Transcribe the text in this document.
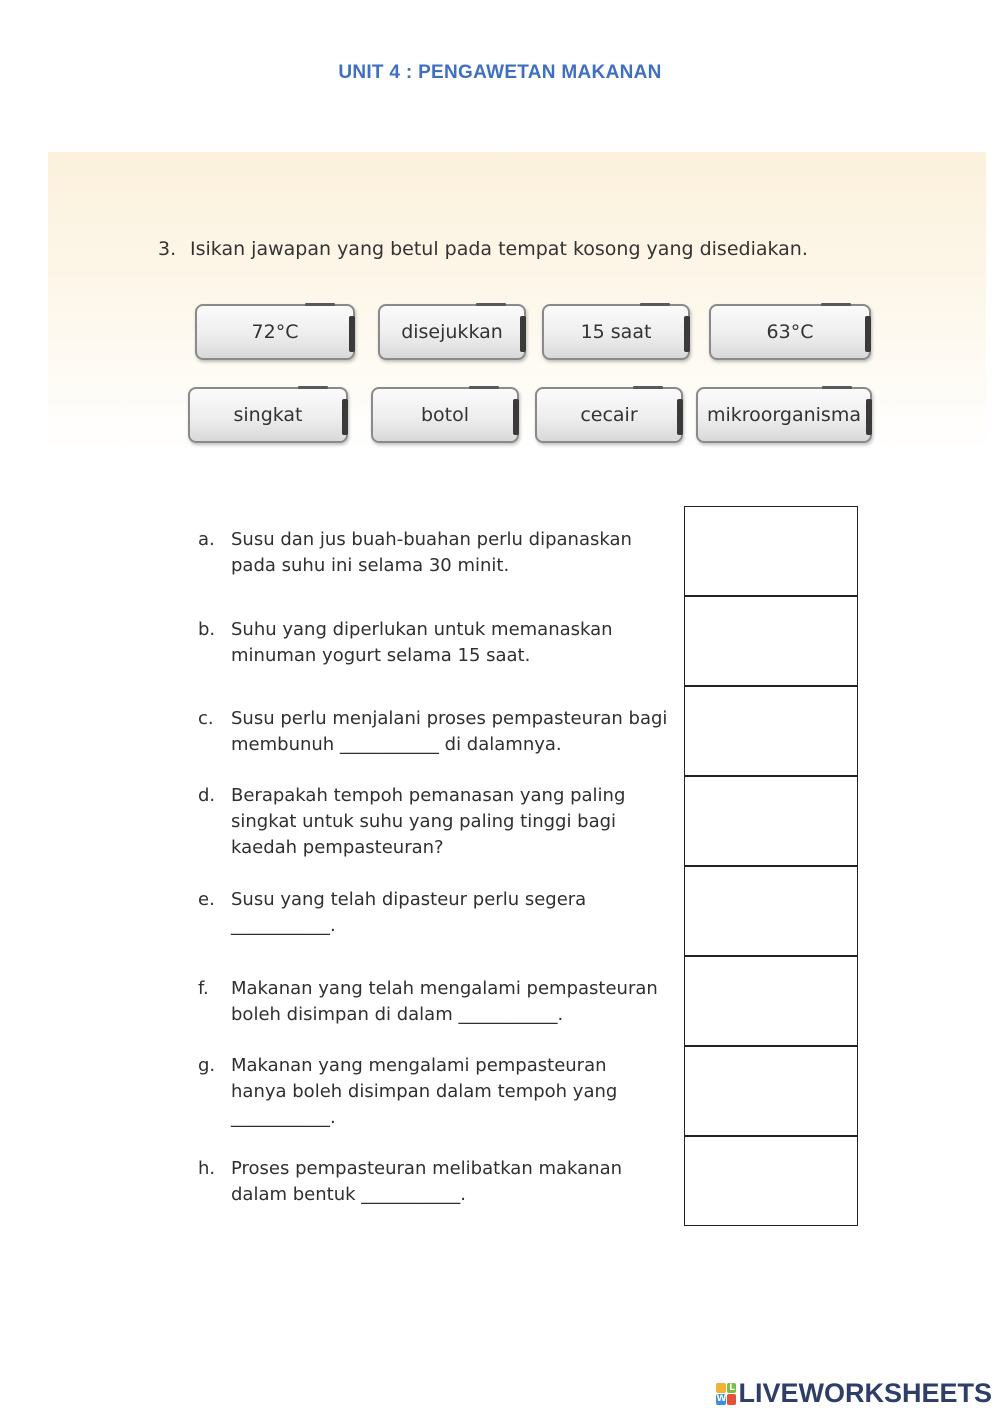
UNIT 4 : PENGAWETAN MAKANAN
3. Isikan jawapan yang betul pada tempat kosong yang disediakan.
72°C	disejukkan	15 saat	63°C
singkat	botol	cecair	mikroorganisma
a. Susu dan jus buah-buahan perlu dipanaskan
pada suhu ini selama 30 minit.
b. Suhu yang diperlukan untuk memanaskan
minuman yogurt selama 15 saat.
c. Susu perlu menjalani proses pempasteuran bagi
membunuh ___________ di dalamnya.
d. Berapakah tempoh pemanasan yang paling
singkat untuk suhu yang paling tinggi bagi
kaedah pempasteuran?
e. Susu yang telah dipasteur perlu segera
___________.
f.	Makanan yang telah mengalami pempasteuran
boleh disimpan di dalam ___________.
g. Makanan yang mengalami pempasteuran
hanya boleh disimpan dalam tempoh yang
___________.
h. Proses pempasteuran melibatkan makanan
dalam bentuk ___________.
L
W LIVEWORKSHEETS
